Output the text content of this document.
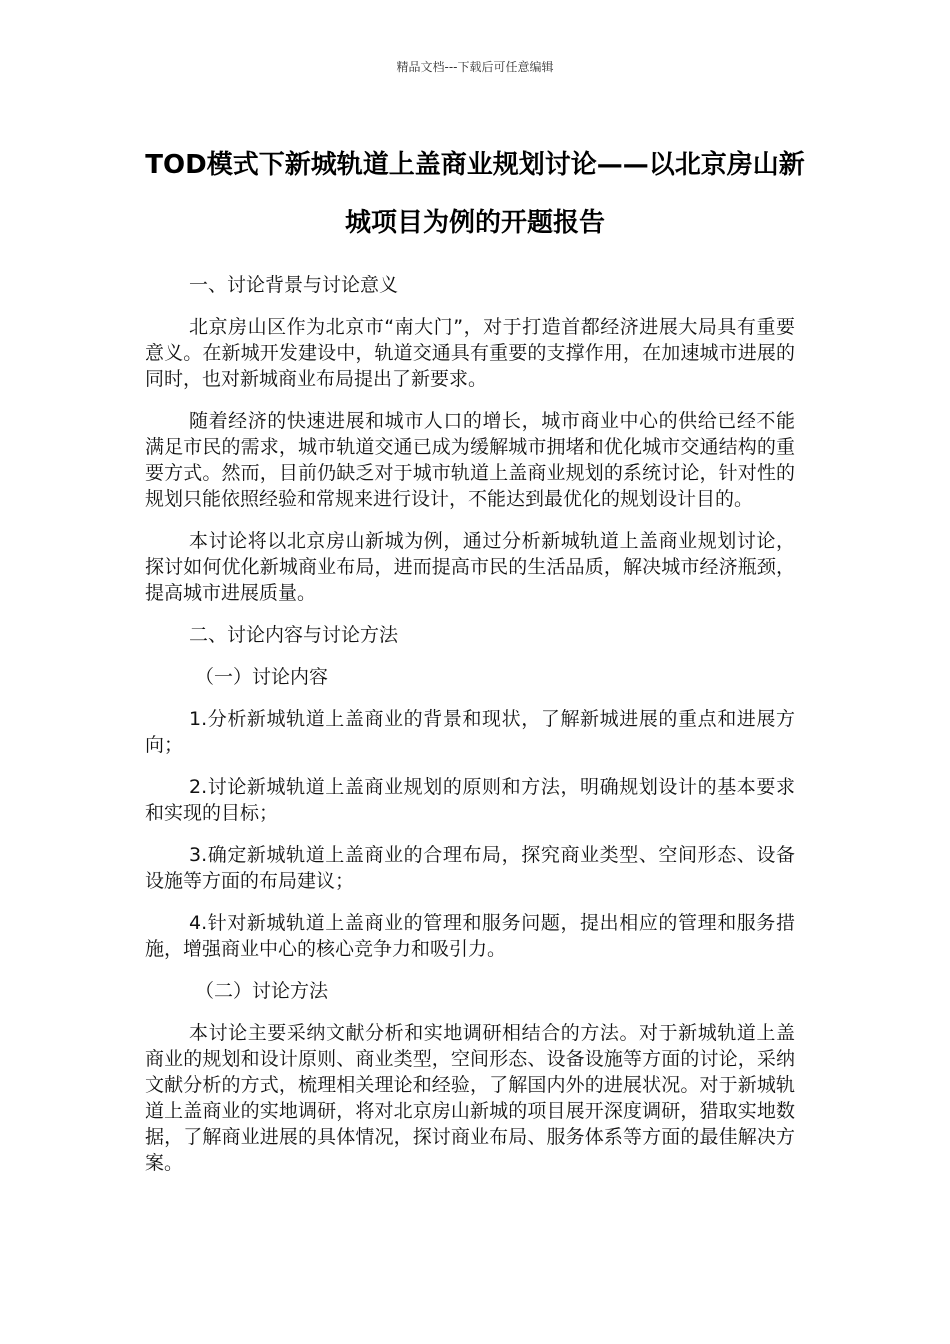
精品文档---下载后可任意编辑
TOD模式下新城轨道上盖商业规划讨论——以北京房山新城项目为例的开题报告

一、讨论背景与讨论意义

北京房山区作为北京市“南大门”，对于打造首都经济进展大局具有重要意义。在新城开发建设中，轨道交通具有重要的支撑作用，在加速城市进展的同时，也对新城商业布局提出了新要求。

随着经济的快速进展和城市人口的增长，城市商业中心的供给已经不能满足市民的需求，城市轨道交通已成为缓解城市拥堵和优化城市交通结构的重要方式。然而，目前仍缺乏对于城市轨道上盖商业规划的系统讨论，针对性的规划只能依照经验和常规来进行设计，不能达到最优化的规划设计目的。

本讨论将以北京房山新城为例，通过分析新城轨道上盖商业规划讨论，探讨如何优化新城商业布局，进而提高市民的生活品质，解决城市经济瓶颈，提高城市进展质量。

二、讨论内容与讨论方法

（一）讨论内容

1.分析新城轨道上盖商业的背景和现状，了解新城进展的重点和进展方向；

2.讨论新城轨道上盖商业规划的原则和方法，明确规划设计的基本要求和实现的目标；

3.确定新城轨道上盖商业的合理布局，探究商业类型、空间形态、设备设施等方面的布局建议；

4.针对新城轨道上盖商业的管理和服务问题，提出相应的管理和服务措施，增强商业中心的核心竞争力和吸引力。

（二）讨论方法

本讨论主要采纳文献分析和实地调研相结合的方法。对于新城轨道上盖商业的规划和设计原则、商业类型，空间形态、设备设施等方面的讨论，采纳文献分析的方式，梳理相关理论和经验，了解国内外的进展状况。对于新城轨道上盖商业的实地调研，将对北京房山新城的项目展开深度调研，猎取实地数据，了解商业进展的具体情况，探讨商业布局、服务体系等方面的最佳解决方案。
